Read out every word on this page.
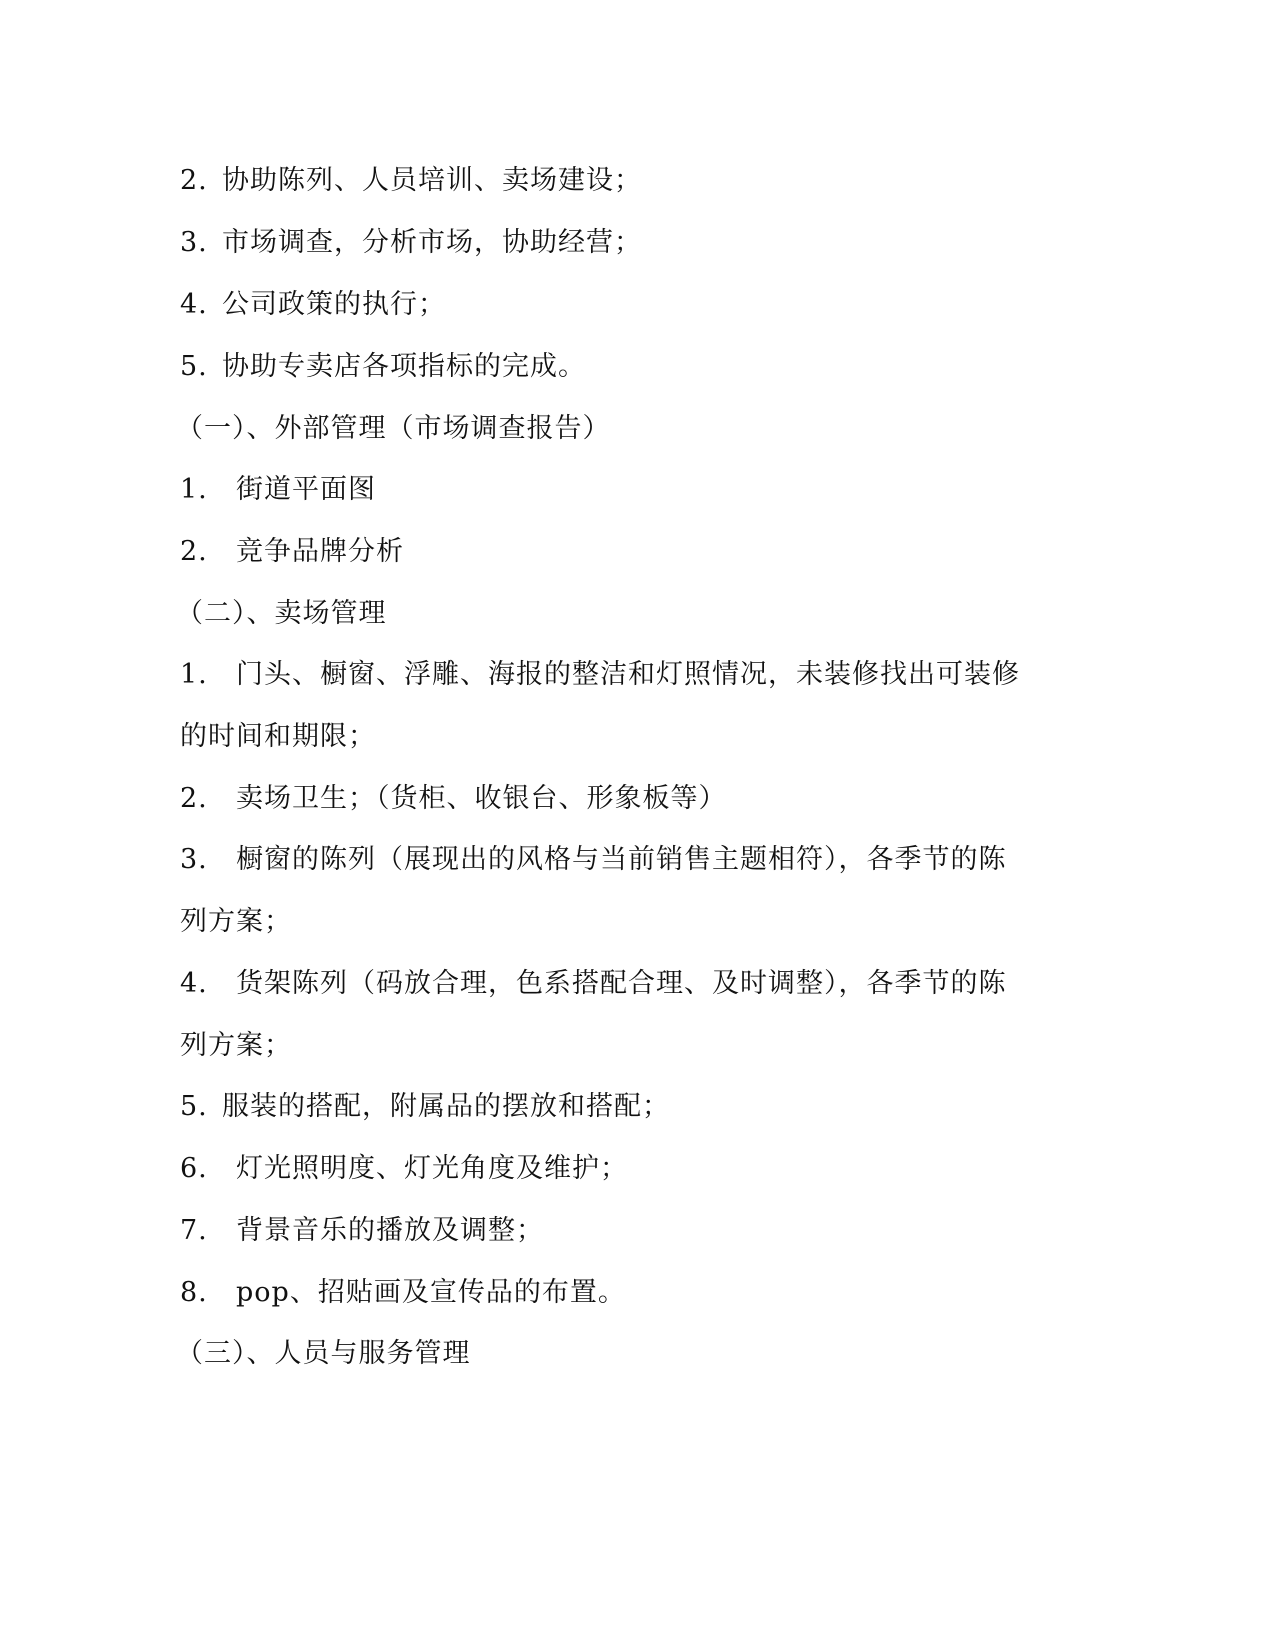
2. 协助陈列、人员培训、卖场建设；
3. 市场调查，分析市场，协助经营；
4. 公司政策的执行；
5. 协助专卖店各项指标的完成。
（一）、外部管理（市场调查报告）
1. 街道平面图
2. 竞争品牌分析
（二）、卖场管理
1. 门头、橱窗、浮雕、海报的整洁和灯照情况，未装修找出可装修
的时间和期限；
2. 卖场卫生；（货柜、收银台、形象板等）
3. 橱窗的陈列（展现出的风格与当前销售主题相符），各季节的陈
列方案；
4. 货架陈列（码放合理，色系搭配合理、及时调整），各季节的陈
列方案；
5. 服装的搭配，附属品的摆放和搭配；
6. 灯光照明度、灯光角度及维护；
7. 背景音乐的播放及调整；
8. pop、招贴画及宣传品的布置。
（三）、人员与服务管理
